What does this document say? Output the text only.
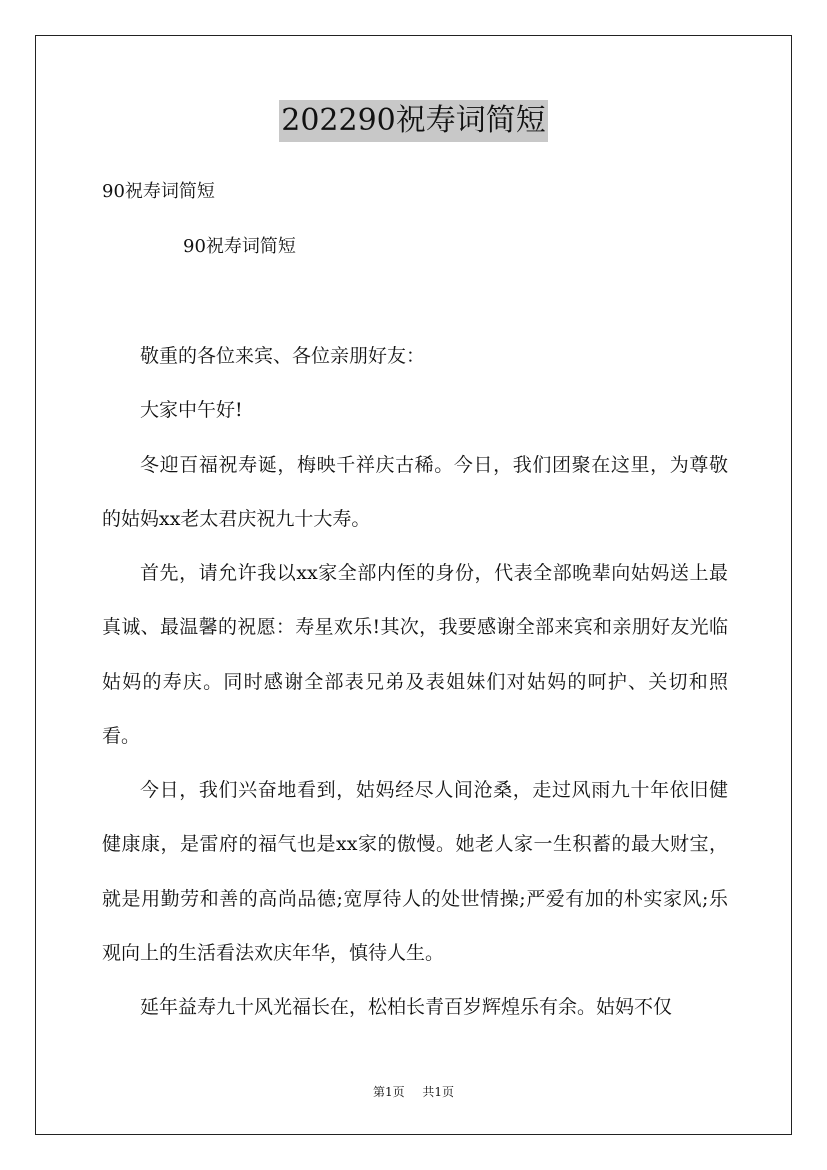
202290祝寿词简短
90祝寿词简短
90祝寿词简短

敬重的各位来宾、各位亲朋好友：

大家中午好!

冬迎百福祝寿诞，梅映千祥庆古稀。今日，我们团聚在这里，为尊敬的姑妈xx老太君庆祝九十大寿。

首先，请允许我以xx家全部内侄的身份，代表全部晚辈向姑妈送上最真诚、最温馨的祝愿：寿星欢乐!其次，我要感谢全部来宾和亲朋好友光临姑妈的寿庆。同时感谢全部表兄弟及表姐妹们对姑妈的呵护、关切和照看。

今日，我们兴奋地看到，姑妈经尽人间沧桑，走过风雨九十年依旧健健康康，是雷府的福气也是xx家的傲慢。她老人家一生积蓄的最大财宝，就是用勤劳和善的高尚品德;宽厚待人的处世情操;严爱有加的朴实家风;乐观向上的生活看法欢庆年华，慎待人生。

延年益寿九十风光福长在，松柏长青百岁辉煌乐有余。姑妈不仅

第1页 共1页
